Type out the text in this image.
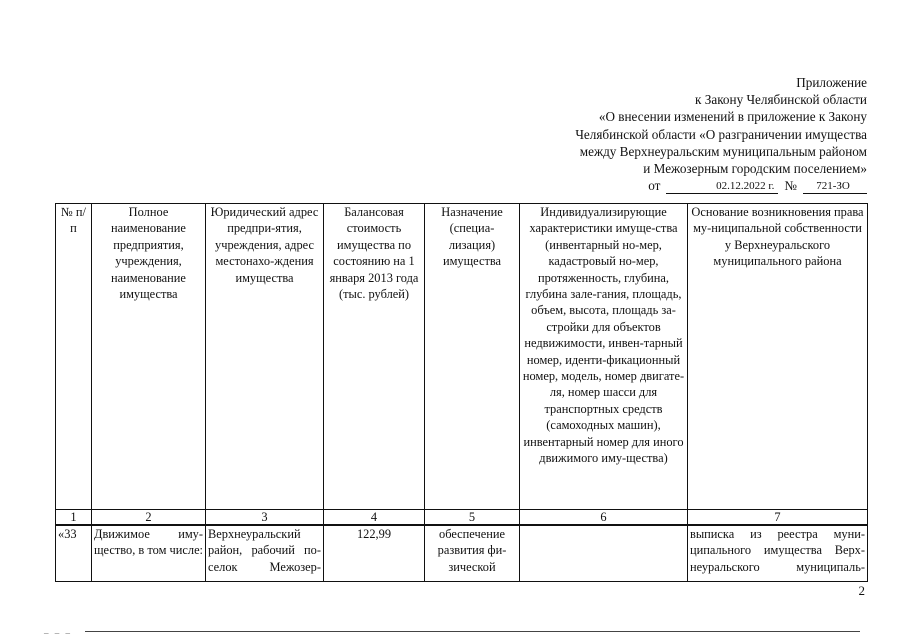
Приложение
к Закону Челябинской области
«О внесении изменений в приложение к Закону
Челябинской области «О разграничении имущества
между Верхнеуральским муниципальным районом
и Межозерным городским поселением»
от	02.12.2022 г. №	721-ЗО
№ п/п	Полное наименование предприятия, учреждения, наименование имущества	Юридический адрес предпри-ятия, учреждения, адрес местонахо-ждения имущества	Балансовая стоимость имущества по состоянию на 1 января 2013 года (тыс. рублей)	Назначение (специа-лизация) имущества	Индивидуализирующие характеристики имуще-ства (инвентарный но-мер, кадастровый но-мер, протяженность, глубина, глубина зале-гания, площадь, объем, высота, площадь за-стройки для объектов недвижимости, инвен-тарный номер, иденти-фикационный номер, модель, номер двигате-ля, номер шасси для транспортных средств (самоходных машин), инвентарный номер для иного движимого иму-щества)	Основание возникновения права му-ниципальной собственности у Верхнеуральского муниципального района
1	2	3	4	5	6	7
«33	Движимое иму-щество, в том числе:	Верхнеуральский район, рабочий по-селок Межозер-	122,99	обеспечение развития фи-зической		выписка из реестра муни-ципального имущества Верх-неуральского муниципаль-
2
_ _ _
